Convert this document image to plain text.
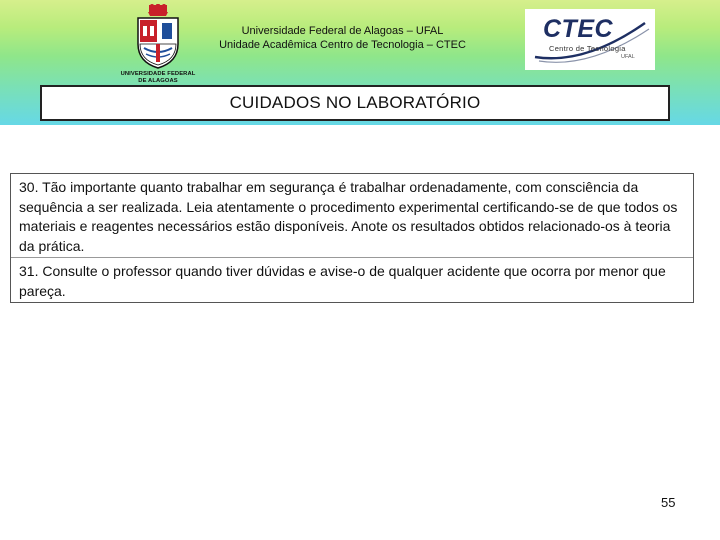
UNIVERSIDADE FEDERAL
DE ALAGOAS
Universidade Federal de Alagoas – UFAL
Unidade Acadêmica Centro de Tecnologia – CTEC
CTEC
Centro de Tecnologia
UFAL
CUIDADOS NO LABORATÓRIO
30. Tão importante quanto trabalhar em segurança é trabalhar ordenadamente, com consciência da sequência a ser realizada. Leia atentamente o procedimento experimental certificando-se de que todos os materiais e reagentes necessários estão disponíveis. Anote os resultados obtidos relacionado-os à teoria da prática.
31. Consulte o professor quando tiver dúvidas e avise-o de qualquer acidente que ocorra por menor que pareça.
55
